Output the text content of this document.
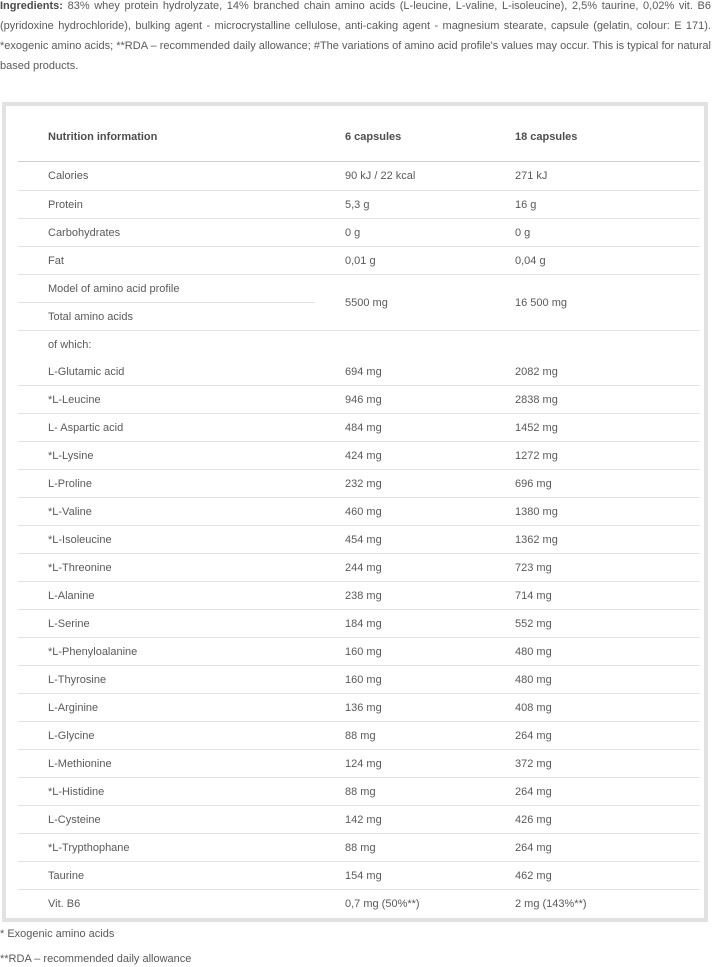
Ingredients: 83% whey protein hydrolyzate, 14% branched chain amino acids (L-leucine, L-valine, L-isoleucine), 2,5% taurine, 0,02% vit. B6 (pyridoxine hydrochloride), bulking agent - microcrystalline cellulose, anti-caking agent - magnesium stearate, capsule (gelatin, colour: E 171). *exogenic amino acids; **RDA – recommended daily allowance; #The variations of amino acid profile's values may occur. This is typical for natural based products.

Nutrition information	6 capsules	18 capsules
Calories	90 kJ / 22 kcal	271 kJ
Protein	5,3 g	16 g
Carbohydrates	0 g	0 g
Fat	0,01 g	0,04 g
Model of amino acid profile	5500 mg	16 500 mg
Total amino acids		
of which:		
L-Glutamic acid	694 mg	2082 mg
*L-Leucine	946 mg	2838 mg
L- Aspartic acid	484 mg	1452 mg
*L-Lysine	424 mg	1272 mg
L-Proline	232 mg	696 mg
*L-Valine	460 mg	1380 mg
*L-Isoleucine	454 mg	1362 mg
*L-Threonine	244 mg	723 mg
L-Alanine	238 mg	714 mg
L-Serine	184 mg	552 mg
*L-Phenyloalanine	160 mg	480 mg
L-Thyrosine	160 mg	480 mg
L-Arginine	136 mg	408 mg
L-Glycine	88 mg	264 mg
L-Methionine	124 mg	372 mg
*L-Histidine	88 mg	264 mg
L-Cysteine	142 mg	426 mg
*L-Trypthophane	88 mg	264 mg
Taurine	154 mg	462 mg
Vit. B6	0,7 mg (50%**)	2 mg (143%**)

* Exogenic amino acids

**RDA – recommended daily allowance
